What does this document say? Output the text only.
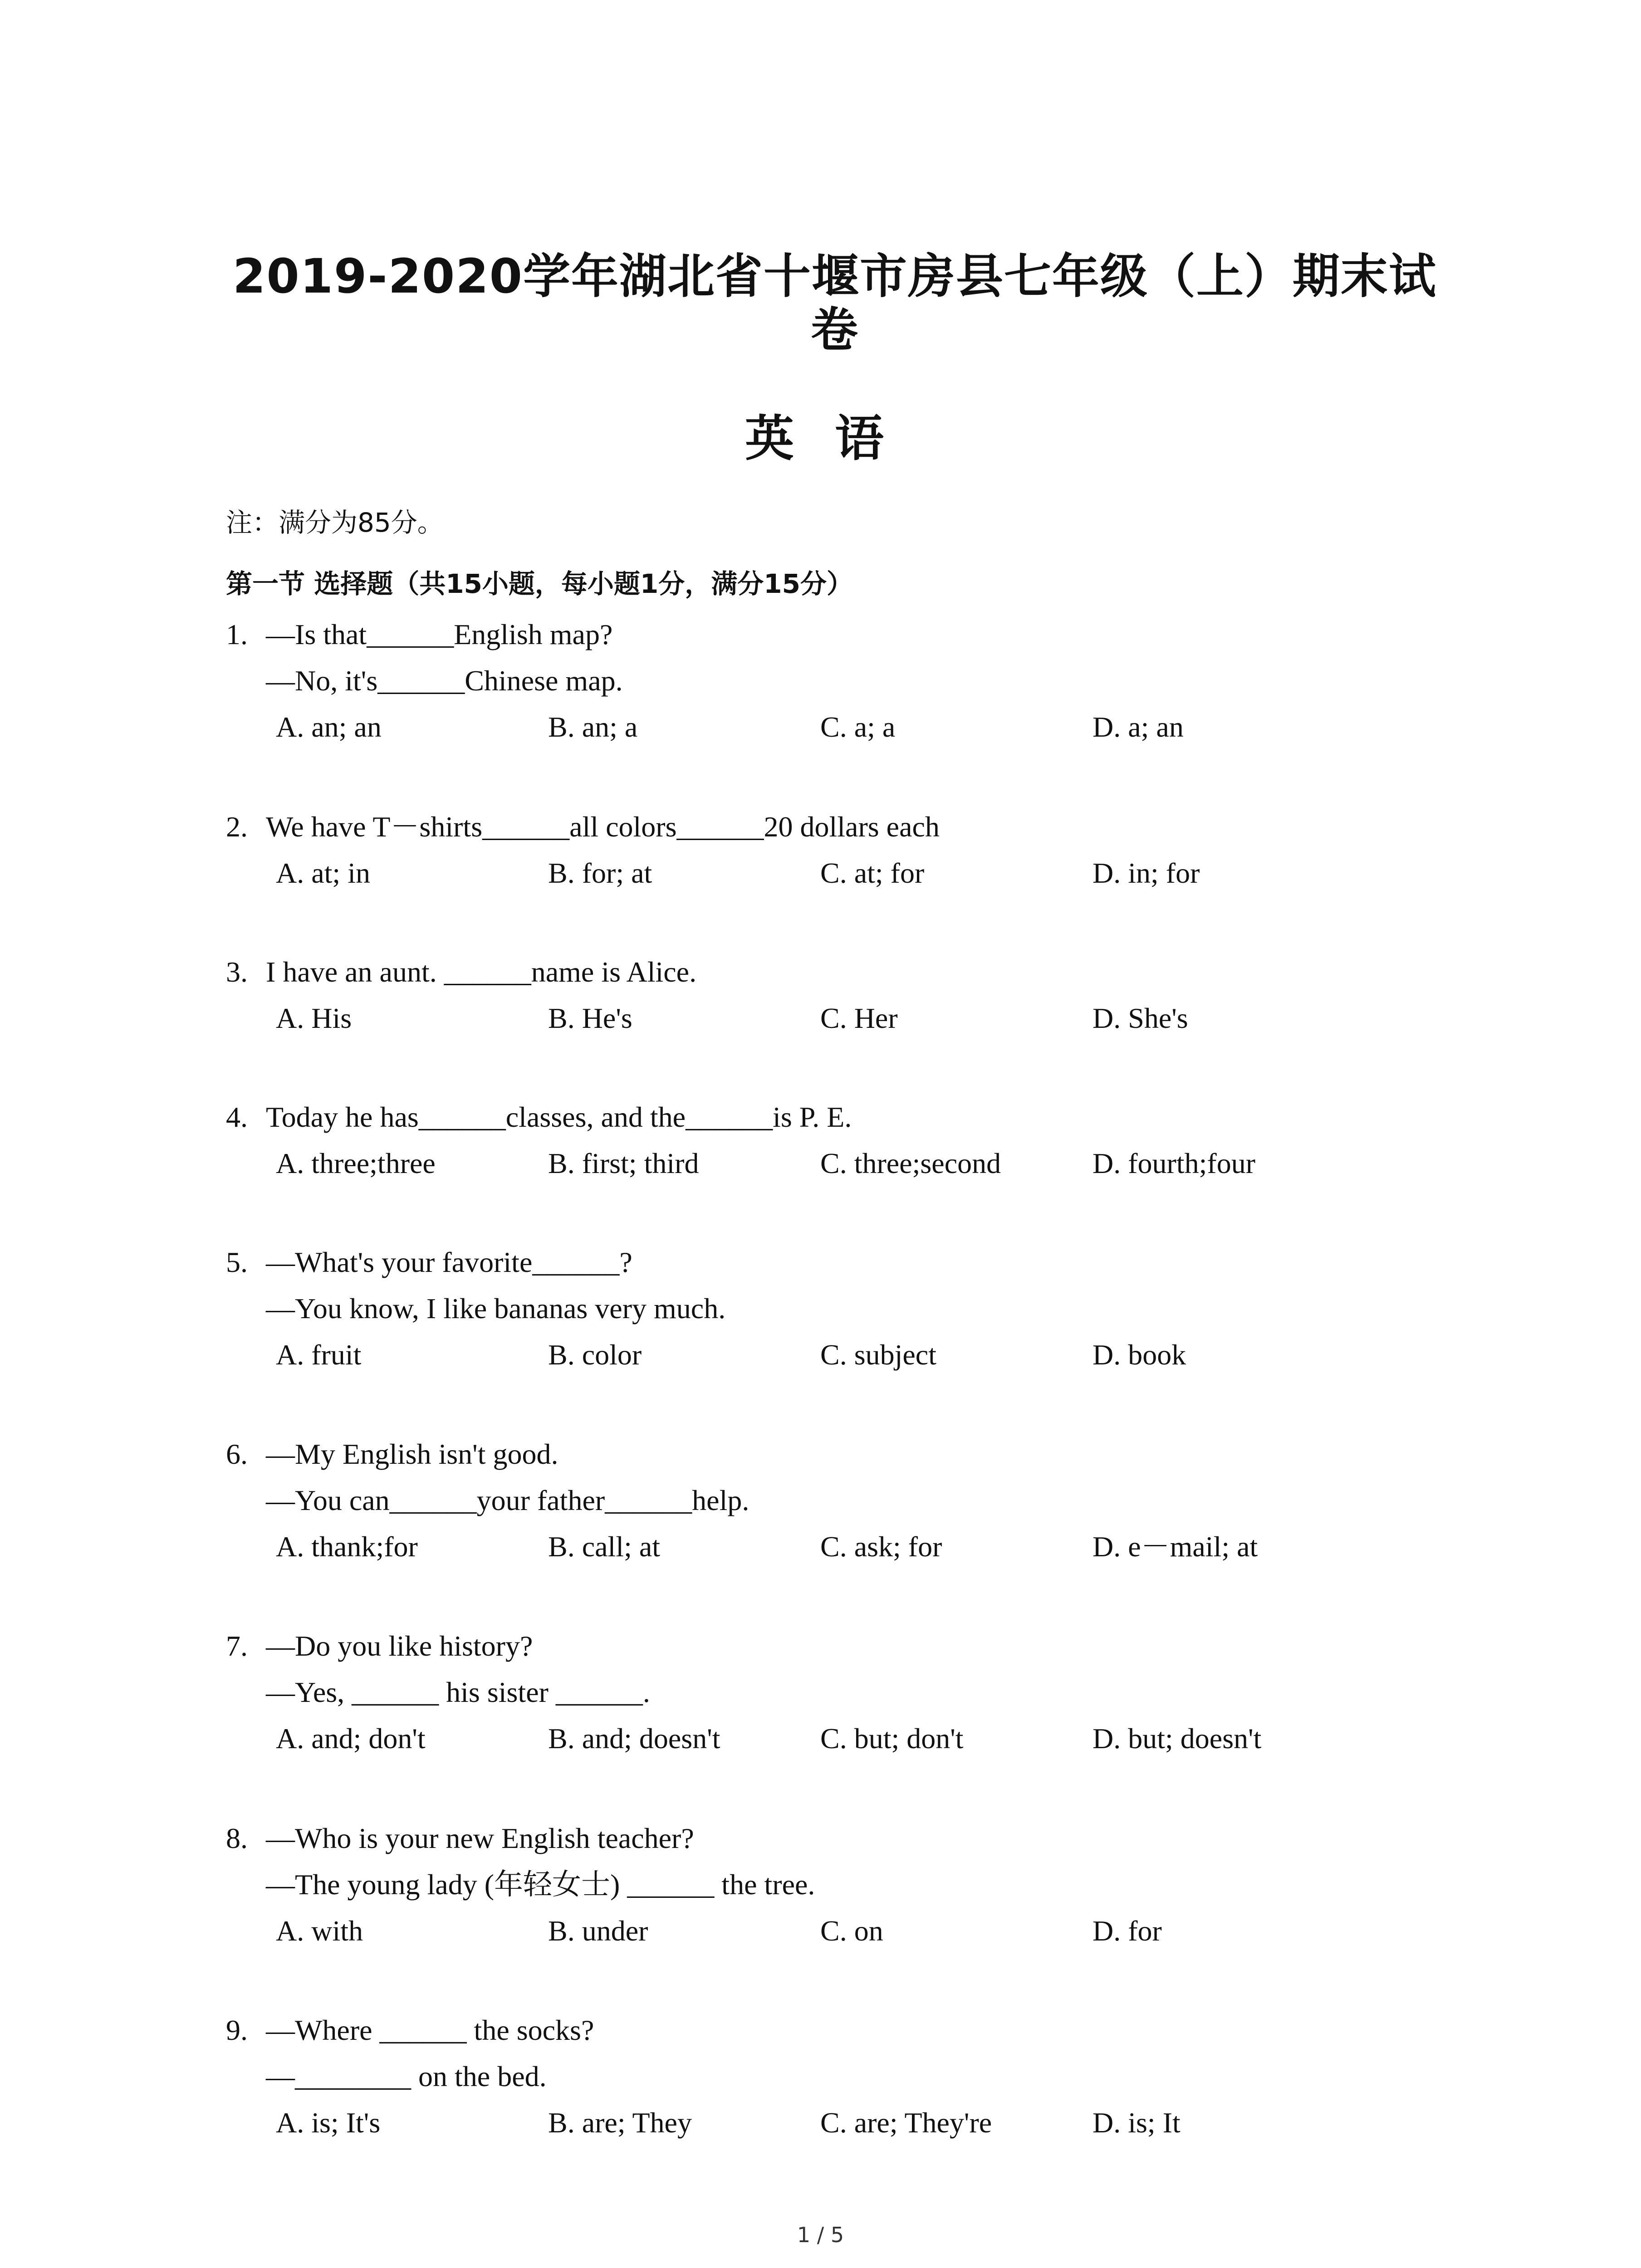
2019-2020学年湖北省十堰市房县七年级（上）期末试卷
英语
注：满分为85分。
第一节 选择题（共15小题，每小题1分，满分15分）
1. —Is that______English map?
—No, it's______Chinese map.
A. an; an	B. an; a	C. a; a	D. a; an
2. We have T－shirts______all colors______20 dollars each
A. at; in	B. for; at	C. at; for	D. in; for
3. I have an aunt. ______name is Alice.
A. His	B. He's	C. Her	D. She's
4. Today he has______classes, and the______is P. E.
A. three;three	B. first; third	C. three;second	D. fourth;four
5. —What's your favorite______?
—You know, I like bananas very much.
A. fruit	B. color	C. subject	D. book
6. —My English isn't good.
—You can______your father______help.
A. thank;for	B. call; at	C. ask; for	D. e－mail; at
7. —Do you like history?
—Yes, ______ his sister ______.
A. and; don't	B. and; doesn't	C. but; don't	D. but; doesn't
8. —Who is your new English teacher?
—The young lady (年轻女士) ______ the tree.
A. with	B. under	C. on	D. for
9. —Where ______ the socks?
—________ on the bed.
A. is; It's	B. are; They	C. are; They're	D. is; It
1 / 5
